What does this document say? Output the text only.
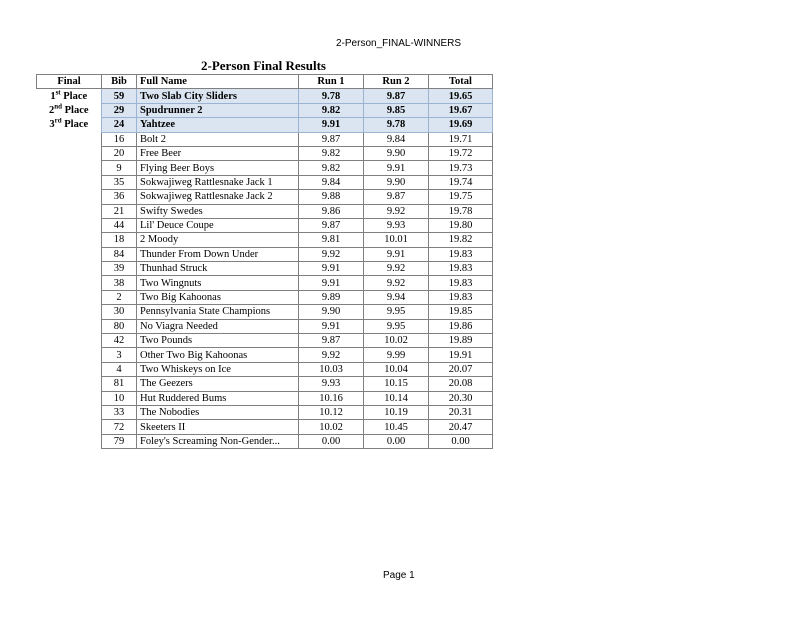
2-Person_FINAL-WINNERS
2-Person Final Results
Final	Bib	Full Name	Run 1	Run 2	Total
1st Place	59	Two Slab City Sliders	9.78	9.87	19.65
2nd Place	29	Spudrunner 2	9.82	9.85	19.67
3rd Place	24	Yahtzee	9.91	9.78	19.69
	16	Bolt 2	9.87	9.84	19.71
	20	Free Beer	9.82	9.90	19.72
	9	Flying Beer Boys	9.82	9.91	19.73
	35	Sokwajiweg Rattlesnake Jack 1	9.84	9.90	19.74
	36	Sokwajiweg Rattlesnake Jack 2	9.88	9.87	19.75
	21	Swifty Swedes	9.86	9.92	19.78
	44	Lil' Deuce Coupe	9.87	9.93	19.80
	18	2 Moody	9.81	10.01	19.82
	84	Thunder From Down Under	9.92	9.91	19.83
	39	Thunhad Struck	9.91	9.92	19.83
	38	Two Wingnuts	9.91	9.92	19.83
	2	Two Big Kahoonas	9.89	9.94	19.83
	30	Pennsylvania State Champions	9.90	9.95	19.85
	80	No Viagra Needed	9.91	9.95	19.86
	42	Two Pounds	9.87	10.02	19.89
	3	Other Two Big Kahoonas	9.92	9.99	19.91
	4	Two Whiskeys on Ice	10.03	10.04	20.07
	81	The Geezers	9.93	10.15	20.08
	10	Hut Ruddered Bums	10.16	10.14	20.30
	33	The Nobodies	10.12	10.19	20.31
	72	Skeeters II	10.02	10.45	20.47
	79	Foley's Screaming Non-Gender...	0.00	0.00	0.00
Page 1
